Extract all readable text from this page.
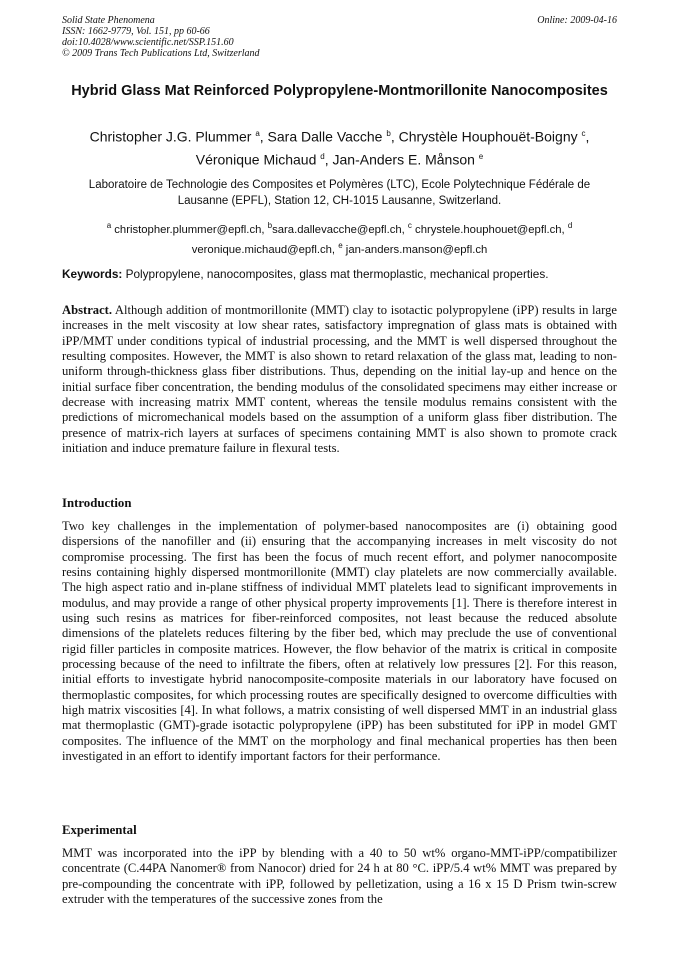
Solid State Phenomena
ISSN: 1662-9779, Vol. 151, pp 60-66
doi:10.4028/www.scientific.net/SSP.151.60
© 2009 Trans Tech Publications Ltd, Switzerland
Online: 2009-04-16
Hybrid Glass Mat Reinforced Polypropylene-Montmorillonite Nanocomposites
Christopher J.G. Plummer $^a$, Sara Dalle Vacche $^b$, Chrystèle Houphouët-Boigny $^c$, Véronique Michaud $^d$, Jan-Anders E. Månson $^e$
Laboratoire de Technologie des Composites et Polymères (LTC), Ecole Polytechnique Fédérale de Lausanne (EPFL), Station 12, CH-1015 Lausanne, Switzerland.
$^a$ christopher.plummer@epfl.ch, $^b$sara.dallevacche@epfl.ch, $^c$ chrystele.houphouet@epfl.ch, $^d$ veronique.michaud@epfl.ch, $^e$ jan-anders.manson@epfl.ch
Keywords: Polypropylene, nanocomposites, glass mat thermoplastic, mechanical properties.
Abstract. Although addition of montmorillonite (MMT) clay to isotactic polypropylene (iPP) results in large increases in the melt viscosity at low shear rates, satisfactory impregnation of glass mats is obtained with iPP/MMT under conditions typical of industrial processing, and the MMT is well dispersed throughout the resulting composites. However, the MMT is also shown to retard relaxation of the glass mat, leading to non-uniform through-thickness glass fiber distributions. Thus, depending on the initial lay-up and hence on the initial surface fiber concentration, the bending modulus of the consolidated specimens may either increase or decrease with increasing matrix MMT content, whereas the tensile modulus remains consistent with the predictions of micromechanical models based on the assumption of a uniform glass fiber distribution. The presence of matrix-rich layers at surfaces of specimens containing MMT is also shown to promote crack initiation and induce premature failure in flexural tests.
Introduction
Two key challenges in the implementation of polymer-based nanocomposites are (i) obtaining good dispersions of the nanofiller and (ii) ensuring that the accompanying increases in melt viscosity do not compromise processing. The first has been the focus of much recent effort, and polymer nanocomposite resins containing highly dispersed montmorillonite (MMT) clay platelets are now commercially available. The high aspect ratio and in-plane stiffness of individual MMT platelets lead to significant improvements in modulus, and may provide a range of other physical property improvements [1]. There is therefore interest in using such resins as matrices for fiber-reinforced composites, not least because the reduced absolute dimensions of the platelets reduces filtering by the fiber bed, which may preclude the use of conventional rigid filler particles in composite matrices. However, the flow behavior of the matrix is critical in composite processing because of the need to infiltrate the fibers, often at relatively low pressures [2]. For this reason, initial efforts to investigate hybrid nanocomposite-composite materials in our laboratory have focused on thermoplastic composites, for which processing routes are specifically designed to overcome difficulties with high matrix viscosities [4]. In what follows, a matrix consisting of well dispersed MMT in an industrial glass mat thermoplastic (GMT)-grade isotactic polypropylene (iPP) has been substituted for iPP in model GMT composites. The influence of the MMT on the morphology and final mechanical properties has then been investigated in an effort to identify important factors for their performance.
Experimental
MMT was incorporated into the iPP by blending with a 40 to 50 wt% organo-MMT-iPP/compatibilizer concentrate (C.44PA Nanomer® from Nanocor) dried for 24 h at 80 °C. iPP/5.4 wt% MMT was prepared by pre-compounding the concentrate with iPP, followed by pelletization, using a 16 x 15 D Prism twin-screw extruder with the temperatures of the successive zones from the
